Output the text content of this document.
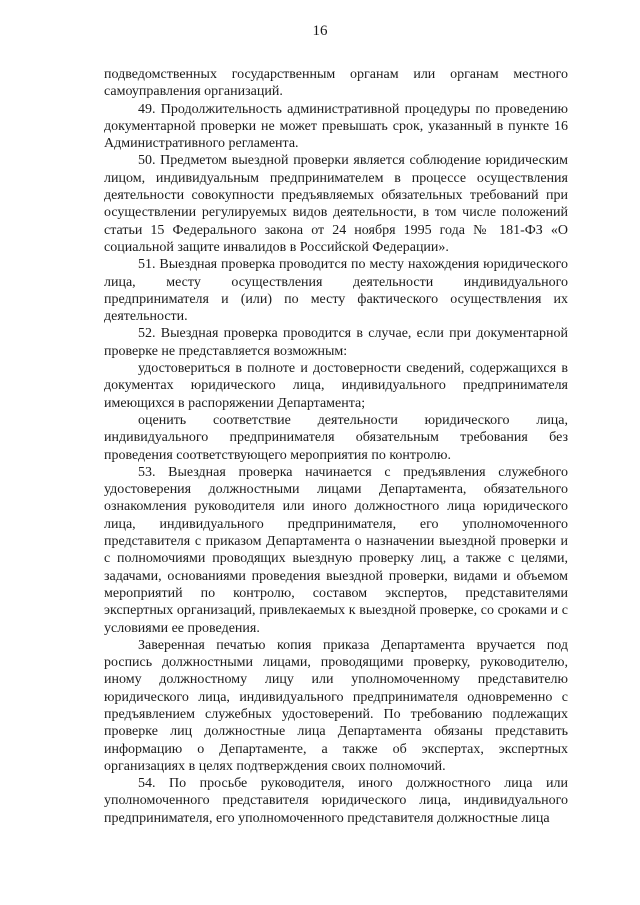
16

подведомственных государственным органам или органам местного самоуправления организаций.

49. Продолжительность административной процедуры по проведению документарной проверки не может превышать срок, указанный в пункте 16 Административного регламента.

50. Предметом выездной проверки является соблюдение юридическим лицом, индивидуальным предпринимателем в процессе осуществления деятельности совокупности предъявляемых обязательных требований при осуществлении регулируемых видов деятельности, в том числе положений статьи 15 Федерального закона от 24 ноября 1995 года № 181-ФЗ «О социальной защите инвалидов в Российской Федерации».

51. Выездная проверка проводится по месту нахождения юридического лица, месту осуществления деятельности индивидуального предпринимателя и (или) по месту фактического осуществления их деятельности.

52. Выездная проверка проводится в случае, если при документарной проверке не представляется возможным:

удостовериться в полноте и достоверности сведений, содержащихся в документах юридического лица, индивидуального предпринимателя имеющихся в распоряжении Департамента;

оценить соответствие деятельности юридического лица, индивидуального предпринимателя обязательным требования без проведения соответствующего мероприятия по контролю.

53. Выездная проверка начинается с предъявления служебного удостоверения должностными лицами Департамента, обязательного ознакомления руководителя или иного должностного лица юридического лица, индивидуального предпринимателя, его уполномоченного представителя с приказом Департамента о назначении выездной проверки и с полномочиями проводящих выездную проверку лиц, а также с целями, задачами, основаниями проведения выездной проверки, видами и объемом мероприятий по контролю, составом экспертов, представителями экспертных организаций, привлекаемых к выездной проверке, со сроками и с условиями ее проведения.

Заверенная печатью копия приказа Департамента вручается под роспись должностными лицами, проводящими проверку, руководителю, иному должностному лицу или уполномоченному представителю юридического лица, индивидуального предпринимателя одновременно с предъявлением служебных удостоверений. По требованию подлежащих проверке лиц должностные лица Департамента обязаны представить информацию о Департаменте, а также об экспертах, экспертных организациях в целях подтверждения своих полномочий.

54. По просьбе руководителя, иного должностного лица или уполномоченного представителя юридического лица, индивидуального предпринимателя, его уполномоченного представителя должностные лица
